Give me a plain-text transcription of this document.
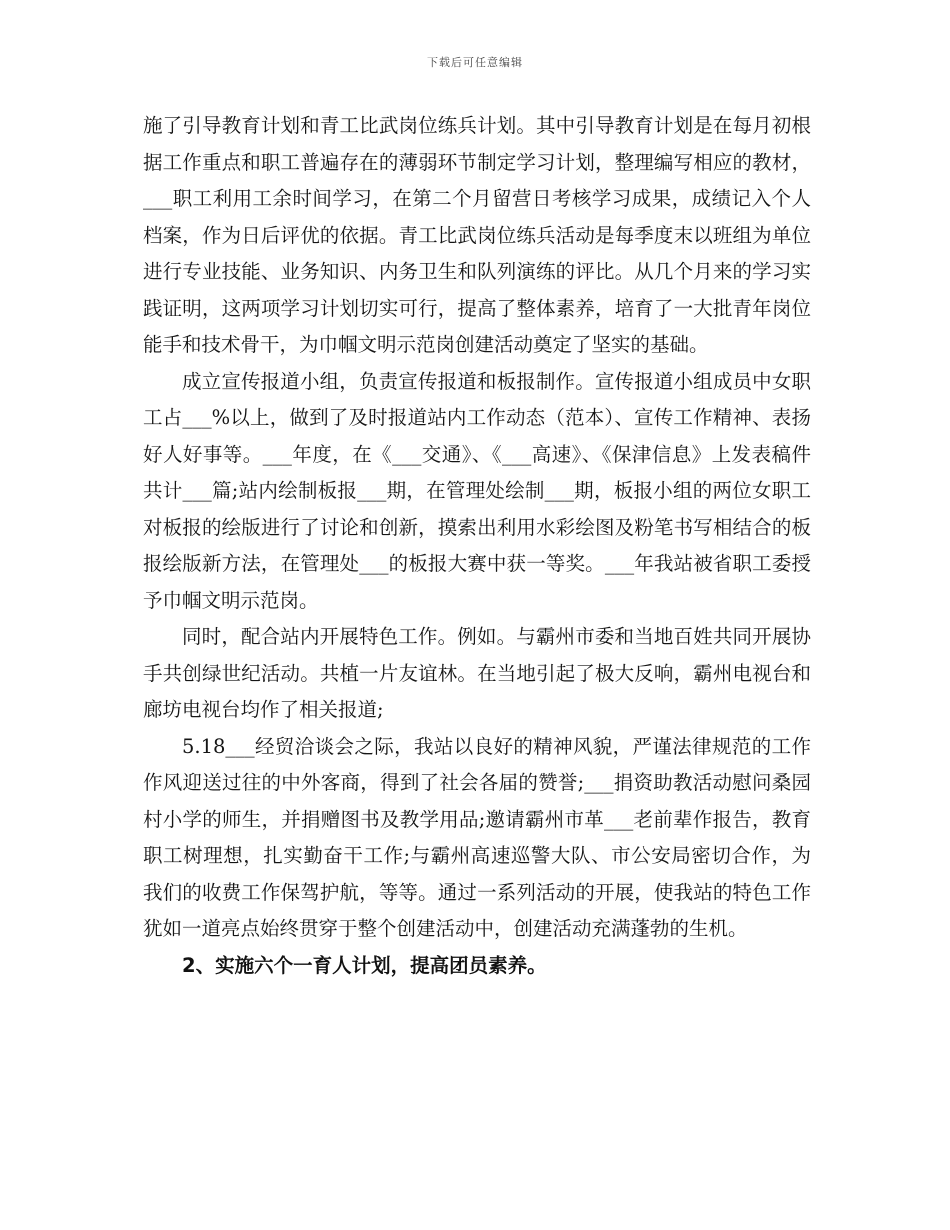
下载后可任意编辑

施了引导教育计划和青工比武岗位练兵计划。其中引导教育计划是在每月初根据工作重点和职工普遍存在的薄弱环节制定学习计划，整理编写相应的教材，___职工利用工余时间学习，在第二个月留营日考核学习成果，成绩记入个人档案，作为日后评优的依据。青工比武岗位练兵活动是每季度末以班组为单位进行专业技能、业务知识、内务卫生和队列演练的评比。从几个月来的学习实践证明，这两项学习计划切实可行，提高了整体素养，培育了一大批青年岗位能手和技术骨干，为巾帼文明示范岗创建活动奠定了坚实的基础。

成立宣传报道小组，负责宣传报道和板报制作。宣传报道小组成员中女职工占___%以上，做到了及时报道站内工作动态（范本）、宣传工作精神、表扬好人好事等。___年度，在《___交通》、《___高速》、《保津信息》上发表稿件共计___篇;站内绘制板报___期，在管理处绘制___期，板报小组的两位女职工对板报的绘版进行了讨论和创新，摸索出利用水彩绘图及粉笔书写相结合的板报绘版新方法，在管理处___的板报大赛中获一等奖。___年我站被省职工委授予巾帼文明示范岗。

同时，配合站内开展特色工作。例如。与霸州市委和当地百姓共同开展协手共创绿世纪活动。共植一片友谊林。在当地引起了极大反响，霸州电视台和廊坊电视台均作了相关报道;

5.18___经贸洽谈会之际，我站以良好的精神风貌，严谨法律规范的工作作风迎送过往的中外客商，得到了社会各届的赞誉;___捐资助教活动慰问桑园村小学的师生，并捐赠图书及教学用品;邀请霸州市革___老前辈作报告，教育职工树理想，扎实勤奋干工作;与霸州高速巡警大队、市公安局密切合作，为我们的收费工作保驾护航，等等。通过一系列活动的开展，使我站的特色工作犹如一道亮点始终贯穿于整个创建活动中，创建活动充满蓬勃的生机。

2、实施六个一育人计划，提高团员素养。
